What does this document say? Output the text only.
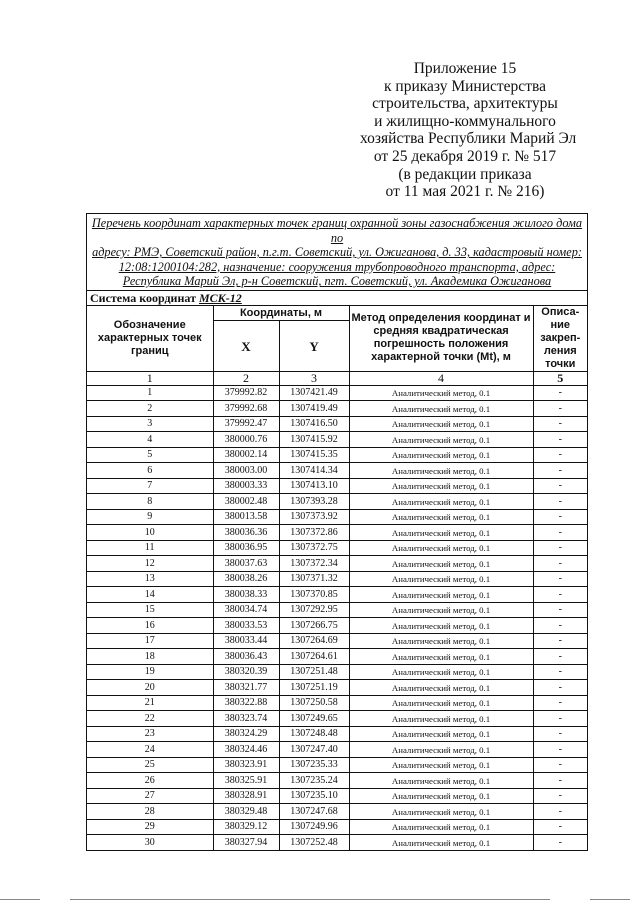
Приложение 15
к приказу Министерства
строительства, архитектуры
и жилищно-коммунального
хозяйства Республики Марий Эл
от 25 декабря 2019 г. № 517
(в редакции приказа
от 11 мая 2021 г. № 216)
Перечень координат характерных точек границ охранной зоны газоснабжения жилого дома по
адресу: РМЭ, Советский район, п.г.т. Советский, ул. Ожиганова, д. 33, кадастровый номер:
12:08:1200104:282, назначение: сооружения трубопроводного транспорта, адрес:
Республика Марий Эл, р-н Советский, пгт. Советский, ул. Академика Ожиганова
Система координат МСК-12
Обозначение характерных точек границ	Координаты, м		Метод определения координат и средняя квадратическая погрешность положения характерной точки (Mt), м	Описа-ние закреп-ления точки
	X	Y		
1	2	3	4	5
1	379992.82	1307421.49	Аналитический метод, 0.1	-
2	379992.68	1307419.49	Аналитический метод, 0.1	-
3	379992.47	1307416.50	Аналитический метод, 0.1	-
4	380000.76	1307415.92	Аналитический метод, 0.1	-
5	380002.14	1307415.35	Аналитический метод, 0.1	-
6	380003.00	1307414.34	Аналитический метод, 0.1	-
7	380003.33	1307413.10	Аналитический метод, 0.1	-
8	380002.48	1307393.28	Аналитический метод, 0.1	-
9	380013.58	1307373.92	Аналитический метод, 0.1	-
10	380036.36	1307372.86	Аналитический метод, 0.1	-
11	380036.95	1307372.75	Аналитический метод, 0.1	-
12	380037.63	1307372.34	Аналитический метод, 0.1	-
13	380038.26	1307371.32	Аналитический метод, 0.1	-
14	380038.33	1307370.85	Аналитический метод, 0.1	-
15	380034.74	1307292.95	Аналитический метод, 0.1	-
16	380033.53	1307266.75	Аналитический метод, 0.1	-
17	380033.44	1307264.69	Аналитический метод, 0.1	-
18	380036.43	1307264.61	Аналитический метод, 0.1	-
19	380320.39	1307251.48	Аналитический метод, 0.1	-
20	380321.77	1307251.19	Аналитический метод, 0.1	-
21	380322.88	1307250.58	Аналитический метод, 0.1	-
22	380323.74	1307249.65	Аналитический метод, 0.1	-
23	380324.29	1307248.48	Аналитический метод, 0.1	-
24	380324.46	1307247.40	Аналитический метод, 0.1	-
25	380323.91	1307235.33	Аналитический метод, 0.1	-
26	380325.91	1307235.24	Аналитический метод, 0.1	-
27	380328.91	1307235.10	Аналитический метод, 0.1	-
28	380329.48	1307247.68	Аналитический метод, 0.1	-
29	380329.12	1307249.96	Аналитический метод, 0.1	-
30	380327.94	1307252.48	Аналитический метод, 0.1	-
